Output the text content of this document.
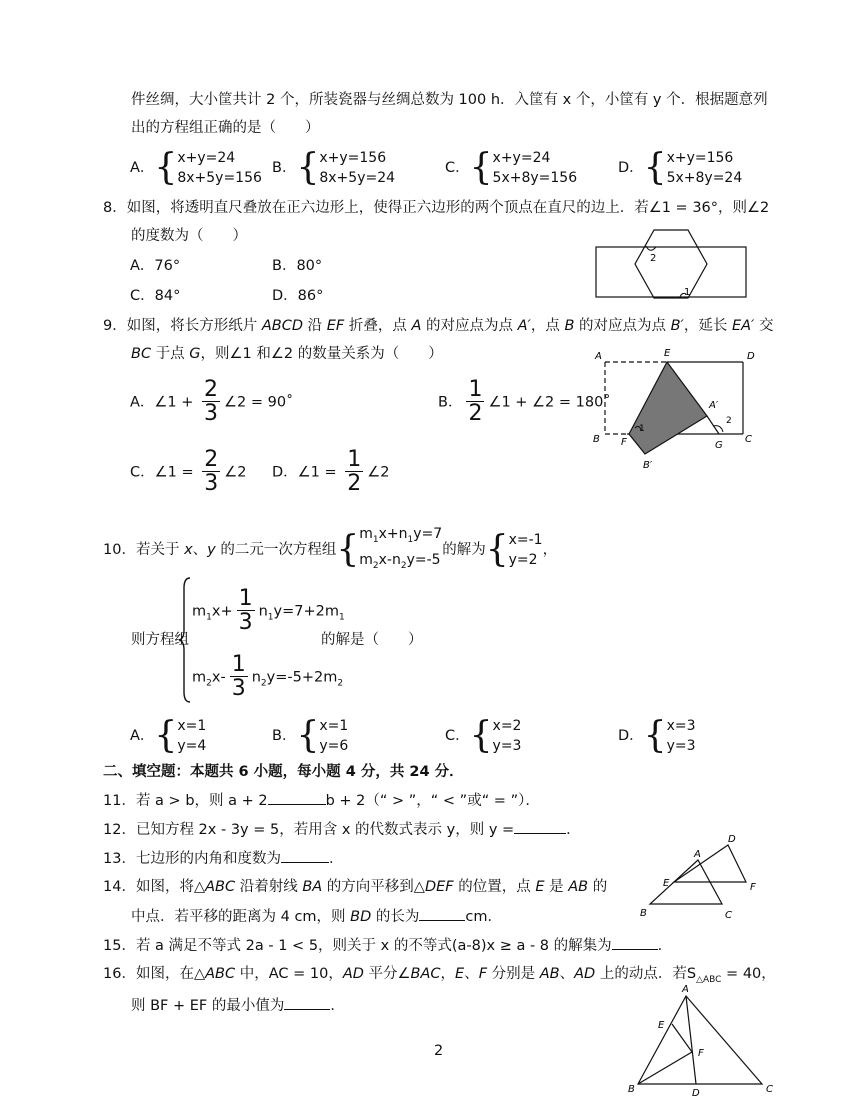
件丝绸，大小筐共计 2 个，所装瓷器与丝绸总数为 100 h．入筐有 x 个，小筐有 y 个．根据题意列
出的方程组正确的是（　　）
A．{x+y=24
8x+5y=156
B．{x+y=156
8x+5y=24
C．{x+y=24
5x+8y=156
D．{x+y=156
5x+8y=24
8．如图，将透明直尺叠放在正六边形上，使得正六边形的两个顶点在直尺的边上．若∠1 = 36°，则∠2
的度数为（　　）
A．76°	B．80°
C．84°	D．86°
2
1
9．如图，将长方形纸片 ABCD 沿 EF 折叠，点 A 的对应点为点 A′，点 B 的对应点为点 B′，延长 EA′ 交
BC 于点 G，则∠1 和∠2 的数量关系为（　　）
A．∠1 + $\frac{2}{3}$ ∠2 = 90˚	B． $\frac{1}{2}$ ∠1 + ∠2 = 180˚
C．∠1 = $\frac{2}{3}$ ∠2 D．∠1 = $\frac{1}{2}$ ∠2
A	E	D
A′
B F	G
C
B′
1
2
10．若关于 x、y 的二元一次方程组{$m_1x+n_1y=7$
$m_2x-n_2y=-5$的解为{x=-1
y=2，
则方程组
$m_1x+ \frac{1}{3} n_1y=7+2m_1$
$m_2x- \frac{1}{3} n_2y=-5+2m_2$
的解是（　　）
A．{x=1
y=4
B．{x=1
y=6
C．{x=2
y=3
D．{x=3
y=3
二、填空题：本题共 6 小题，每小题 4 分，共 24 分．
11．若 a > b，则 a + 2	b + 2（“ > ”，“ < ”或“ = ”）．
12．已知方程 2x - 3y = 5，若用含 x 的代数式表示 y，则 y =	．
13．七边形的内角和度数为	．
14．如图，将△ABC 沿着射线 BA 的方向平移到△DEF 的位置，点 E 是 AB 的
中点．若平移的距离为 4 cm，则 BD 的长为	cm．
A
B	C
D
E	F
15．若 a 满足不等式 2a - 1 < 5，则关于 x 的不等式(a-8)x ≥ a - 8 的解集为	．
16．如图，在△ABC 中，AC = 10，AD 平分∠BAC，E、F 分别是 AB、AD 上的动点．若$S_{\triangle ABC} = 40$，
则 BF + EF 的最小值为	．
A
B	C
D
E
F
2
